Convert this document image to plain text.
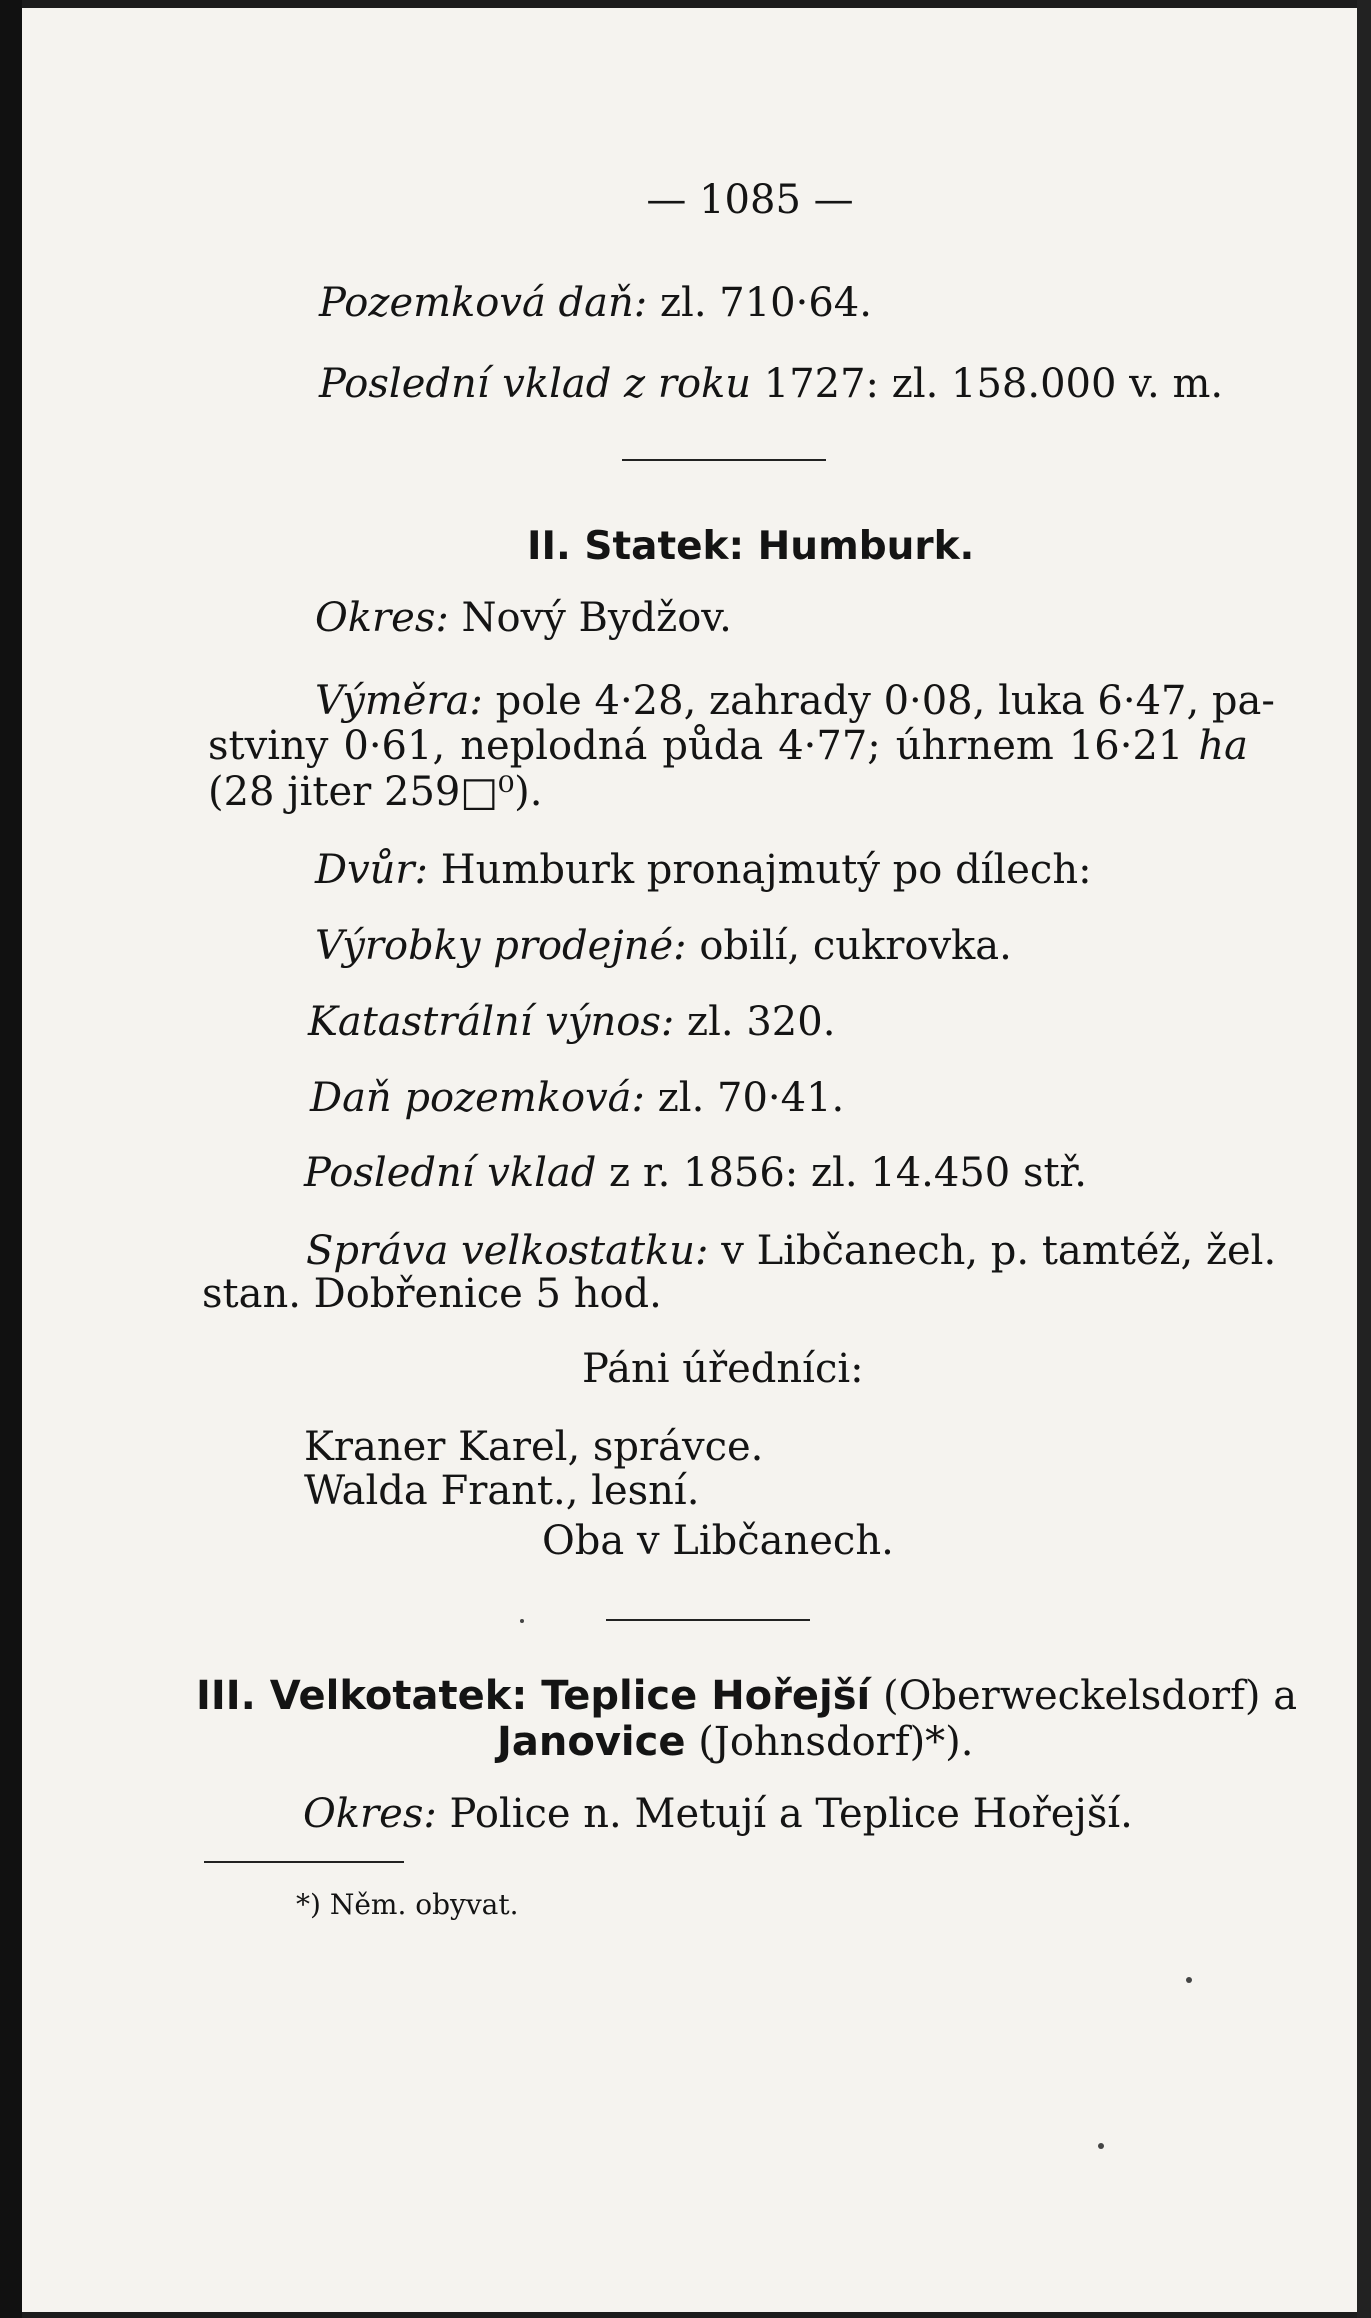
— 1085 —
Pozemková daň: zl. 710·64.
Poslední vklad z roku 1727: zl. 158.000 v. m.
II. Statek: Humburk.
Okres: Nový Bydžov.
Výměra: pole 4·28, zahrady 0·08, luka 6·47, pa-
stviny 0·61, neplodná půda 4·77; úhrnem 16·21 ha
(28 jiter 259□⁰).
Dvůr: Humburk pronajmutý po dílech:
Výrobky prodejné: obilí, cukrovka.
Katastrální výnos: zl. 320.
Daň pozemková: zl. 70·41.
Poslední vklad z r. 1856: zl. 14.450 stř.
Správa velkostatku: v Libčanech, p. tamtéž, žel.
stan. Dobřenice 5 hod.
Páni úředníci:
Kraner Karel, správce.
Walda Frant., lesní.
Oba v Libčanech.
III. Velkotatek: Teplice Hořejší (Oberweckelsdorf) a
Janovice (Johnsdorf)*).
Okres: Police n. Metují a Teplice Hořejší.
*) Něm. obyvat.
